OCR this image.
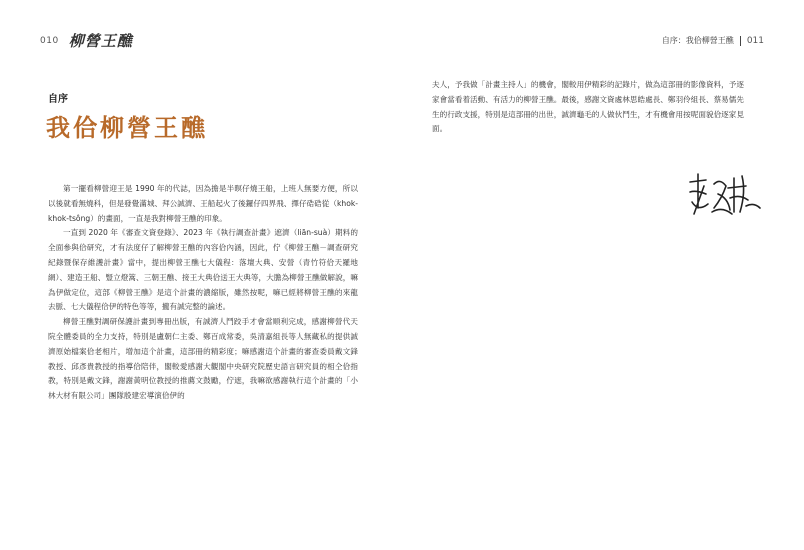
010 柳營王醮
自序
我佮柳營王醮

第一擺看柳營迎王是 1990 年的代誌，因為擔是半暝仔燒王船，上班人無要方便，所以以後就看無燒科，但是發覺滿城、拜公誠濟、王船起火了後鑼仔四界飛、擇仔硞硞從（khok-khok-tsông）的畫面，一直是我對柳營王醮的印象。

一直到 2020 年《審查文資登錄》、2023 年《執行調查計畫》遮濟（liān-suà）期料的全面參與佮研究，才有法度仔了解柳營王醮的內容佮內涵，因此，佇《柳營王醮－調查研究紀錄暨保存維護計畫》當中，提出柳營王醮七大儀程：落壇大典、安營（青竹符佮天羅地網）、建造王船、豎立燈篙、三朝王醮、接王大典佮送王大典等，大膽為柳營王醮做解說，嘛為伊做定位，這部《柳營王醮》是這个計畫的濃縮版，雖然按呢，嘛已經將柳營王醮的來龍去脈、七大儀程佮伊的特色等等，攏有誠完整的論述。

柳營王醮對調研保護計畫到專冊出版，有誠濟人鬥跤手才會當順利完成，感謝柳營代天院全體委員的全力支持，特別是盧朝仁主委、鄭百成常委，吳清嘉組長等人無藏私的提供誠濟原始檔案佮老相片，增加這个計畫，這部冊的精彩度；嘛感謝這个計畫的審查委員戴文鋒教授、邱彥貴教授的指導佮陪伴，閣較愛感謝大觀閣中央研究院歷史語言研究員的相仝佮指教，特別是戴文鋒，謝謝黃明位教授的推薦文鼓勵，佇遮，我嘛欲感謝執行這个計畫的「小林大材有限公司」團隊殷建宏導演佮伊的

自序：我佮柳營王醮 011

夫人，予我做「計畫主持人」的機會，閣較用伊精彩的記錄片，做為這部冊的影像資料，予逐家會當看着活動、有活力的柳營王醮。最後，感謝文資處林思皓處長、鄭羽伶組長、蔡易儒先生的行政支援，特別是這部冊的出世，誠濟龜毛的人做伙鬥生，才有機會用按呢面貌佮逐家見面。
